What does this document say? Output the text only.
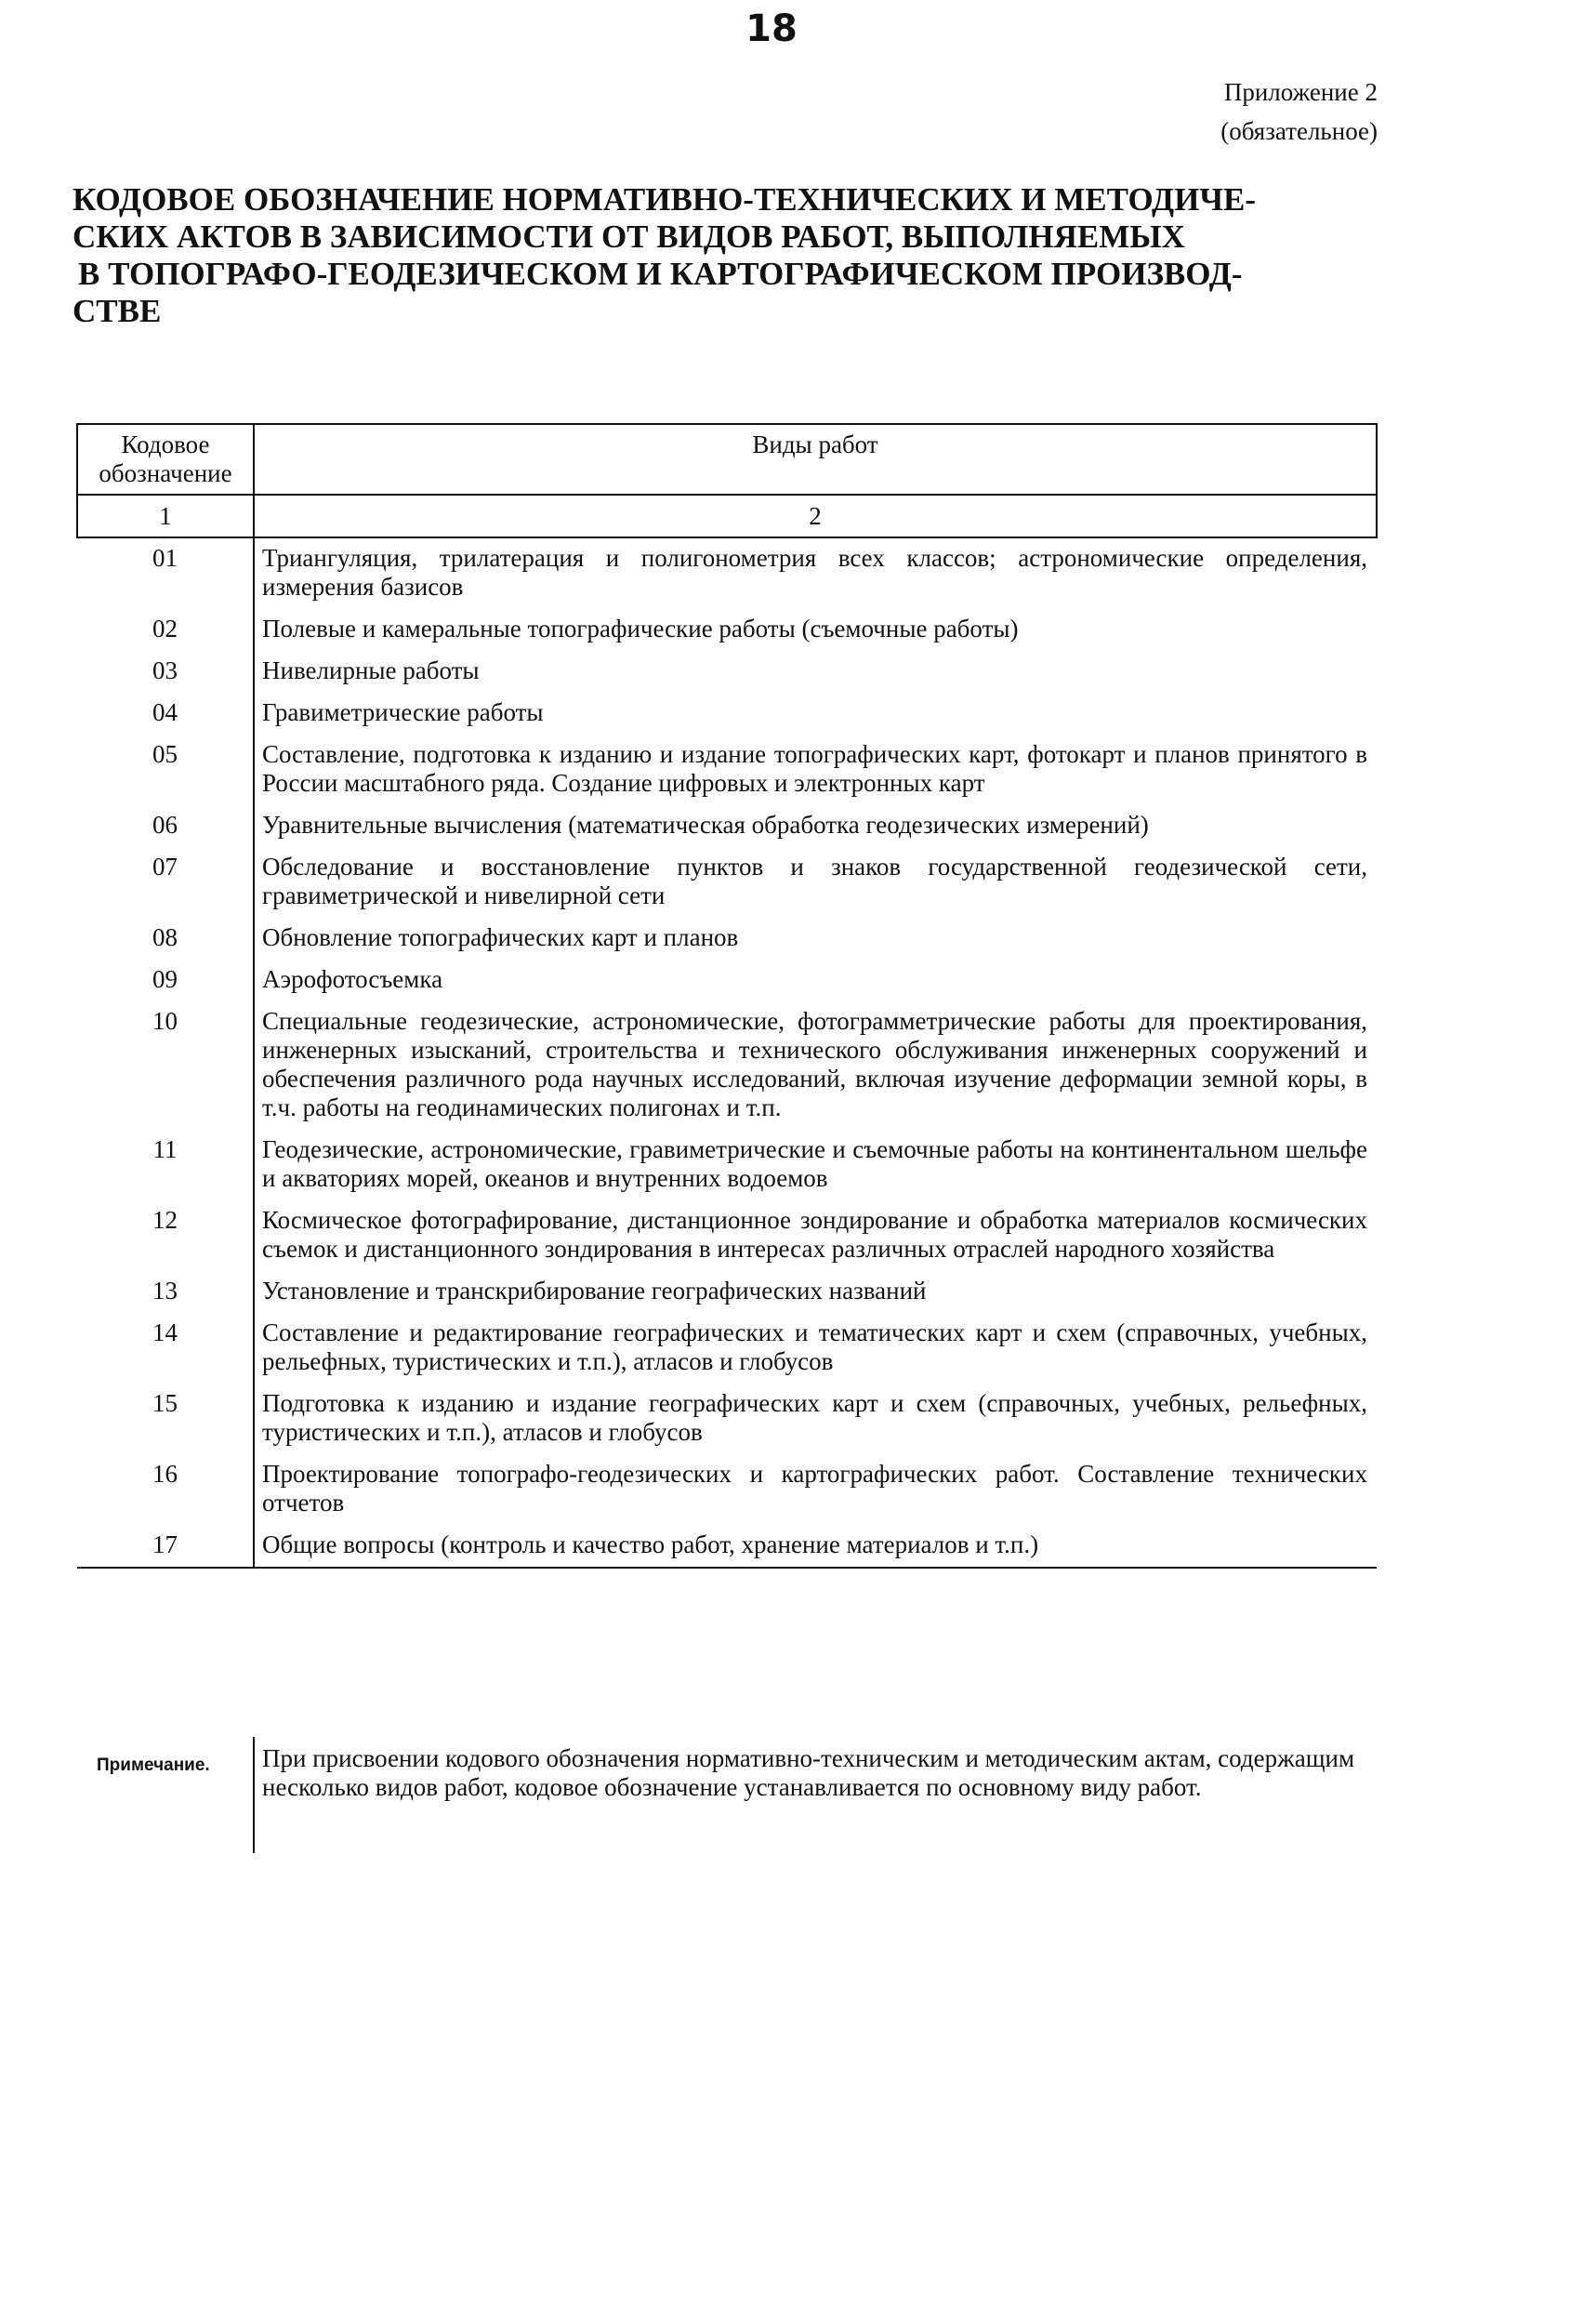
18
Приложение 2
(обязательное)
КОДОВОЕ ОБОЗНАЧЕНИЕ НОРМАТИВНО-ТЕХНИЧЕСКИХ И МЕТОДИЧЕ-
СКИХ АКТОВ В ЗАВИСИМОСТИ ОТ ВИДОВ РАБОТ, ВЫПОЛНЯЕМЫХ
В ТОПОГРАФО-ГЕОДЕЗИЧЕСКОМ И КАРТОГРАФИЧЕСКОМ ПРОИЗВОД-
СТВЕ
Кодовое обозначение	Виды работ
1	2
01	Триангуляция, трилатерация и полигонометрия всех классов; астрономические определения, измерения базисов
02	Полевые и камеральные топографические работы (съемочные работы)
03	Нивелирные работы
04	Гравиметрические работы
05	Составление, подготовка к изданию и издание топографических карт, фотокарт и планов принятого в России масштабного ряда. Создание цифровых и электронных карт
06	Уравнительные вычисления (математическая обработка геодезических измерений)
07	Обследование и восстановление пунктов и знаков государственной геодезической сети, гравиметрической и нивелирной сети
08	Обновление топографических карт и планов
09	Аэрофотосъемка
10	Специальные геодезические, астрономические, фотограмметрические работы для проектирования, инженерных изысканий, строительства и технического обслуживания инженерных сооружений и обеспечения различного рода научных исследований, включая изучение деформации земной коры, в т.ч. работы на геодинамических полигонах и т.п.
11	Геодезические, астрономические, гравиметрические и съемочные работы на континентальном шельфе и акваториях морей, океанов и внутренних водоемов
12	Космическое фотографирование, дистанционное зондирование и обработка материалов космических съемок и дистанционного зондирования в интересах различных отраслей народного хозяйства
13	Установление и транскрибирование географических названий
14	Составление и редактирование географических и тематических карт и схем (справочных, учебных, рельефных, туристических и т.п.), атласов и глобусов
15	Подготовка к изданию и издание географических карт и схем (справочных, учебных, рельефных, туристических и т.п.), атласов и глобусов
16	Проектирование топографо-геодезических и картографических работ. Составление технических отчетов
17	Общие вопросы (контроль и качество работ, хранение материалов и т.п.)
Примечание.	При присвоении кодового обозначения нормативно-техническим и методическим актам, содержащим несколько видов работ, кодовое обозначение устанавливается по основному виду работ.
